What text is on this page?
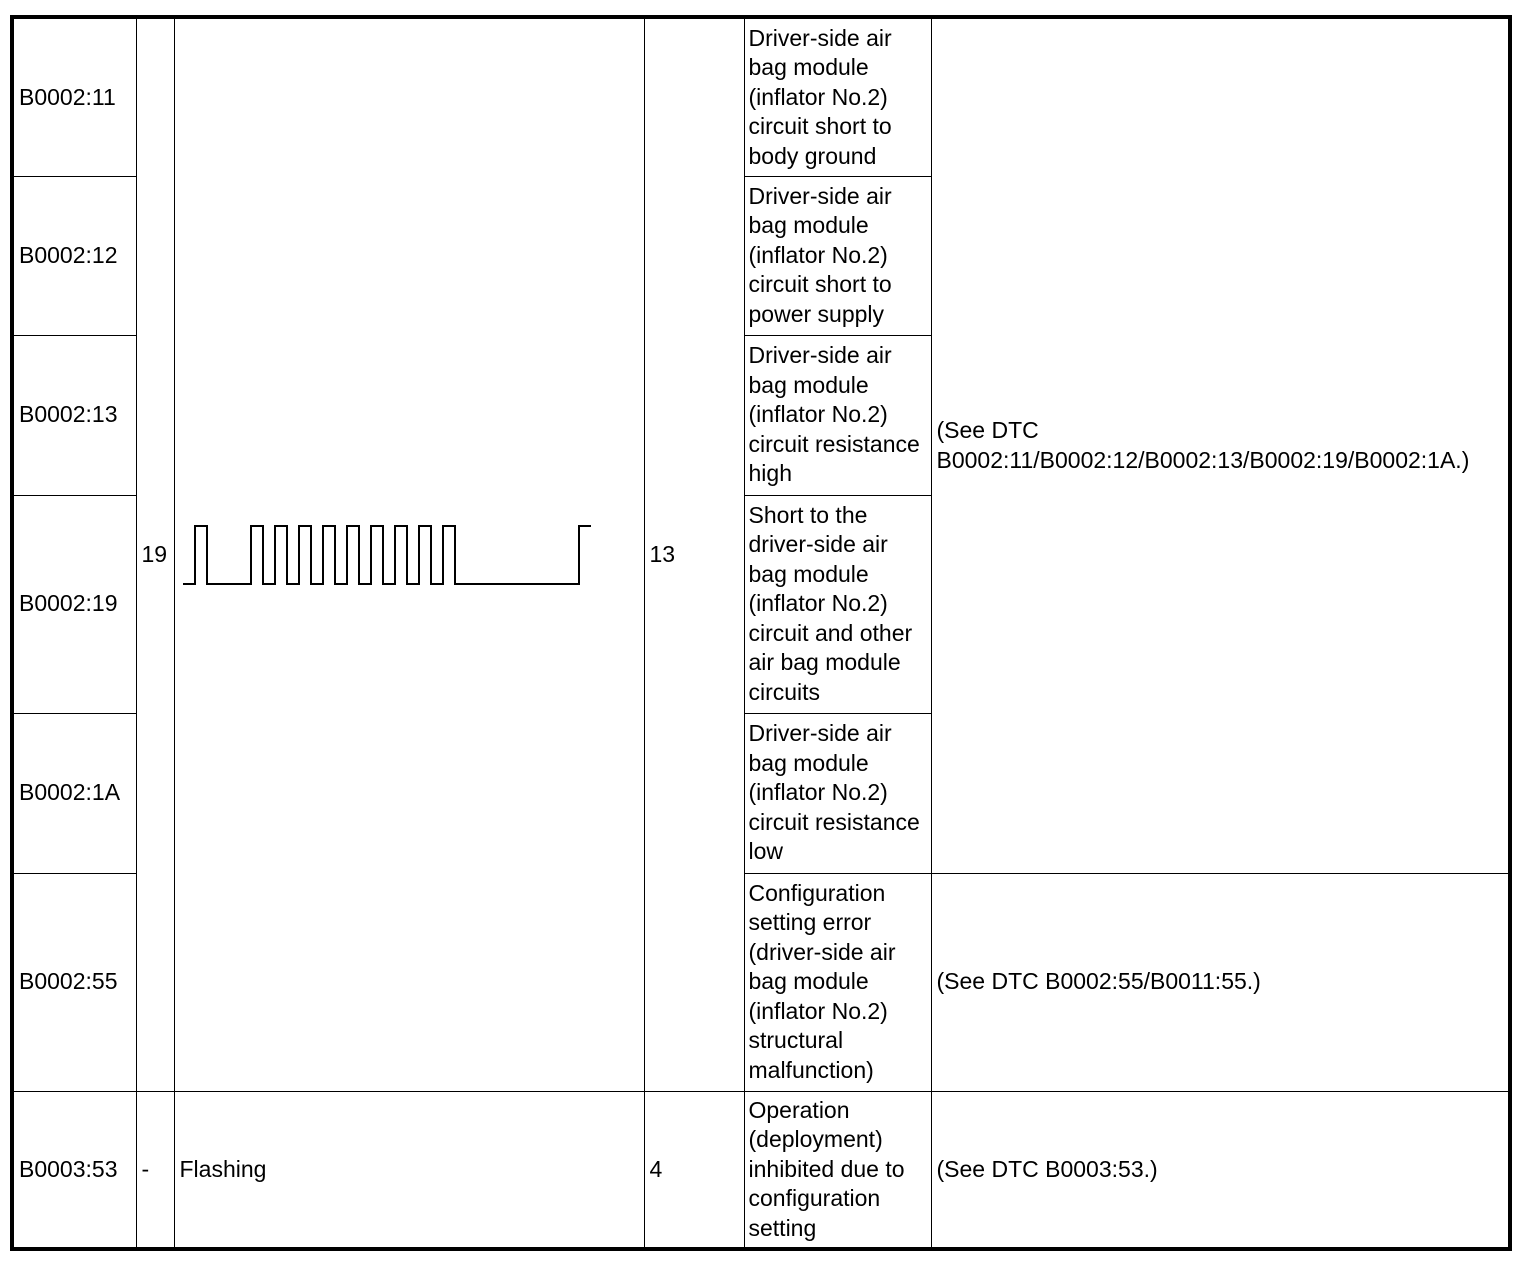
B0002:11	19		13	Driver-side air bag module (inflator No.2) circuit short to body ground	(See DTC B0002:11/B0002:12/B0002:13/B0002:19/B0002:1A.)
B0002:12				Driver-side air bag module (inflator No.2) circuit short to power supply	
B0002:13				Driver-side air bag module (inflator No.2) circuit resistance high	
B0002:19				Short to the driver-side air bag module (inflator No.2) circuit and other air bag module circuits	
B0002:1A				Driver-side air bag module (inflator No.2) circuit resistance low	
B0002:55				Configuration setting error (driver-side air bag module (inflator No.2) structural malfunction)	(See DTC B0002:55/B0011:55.)
B0003:53	-	Flashing	4	Operation (deployment) inhibited due to configuration setting	(See DTC B0003:53.)
